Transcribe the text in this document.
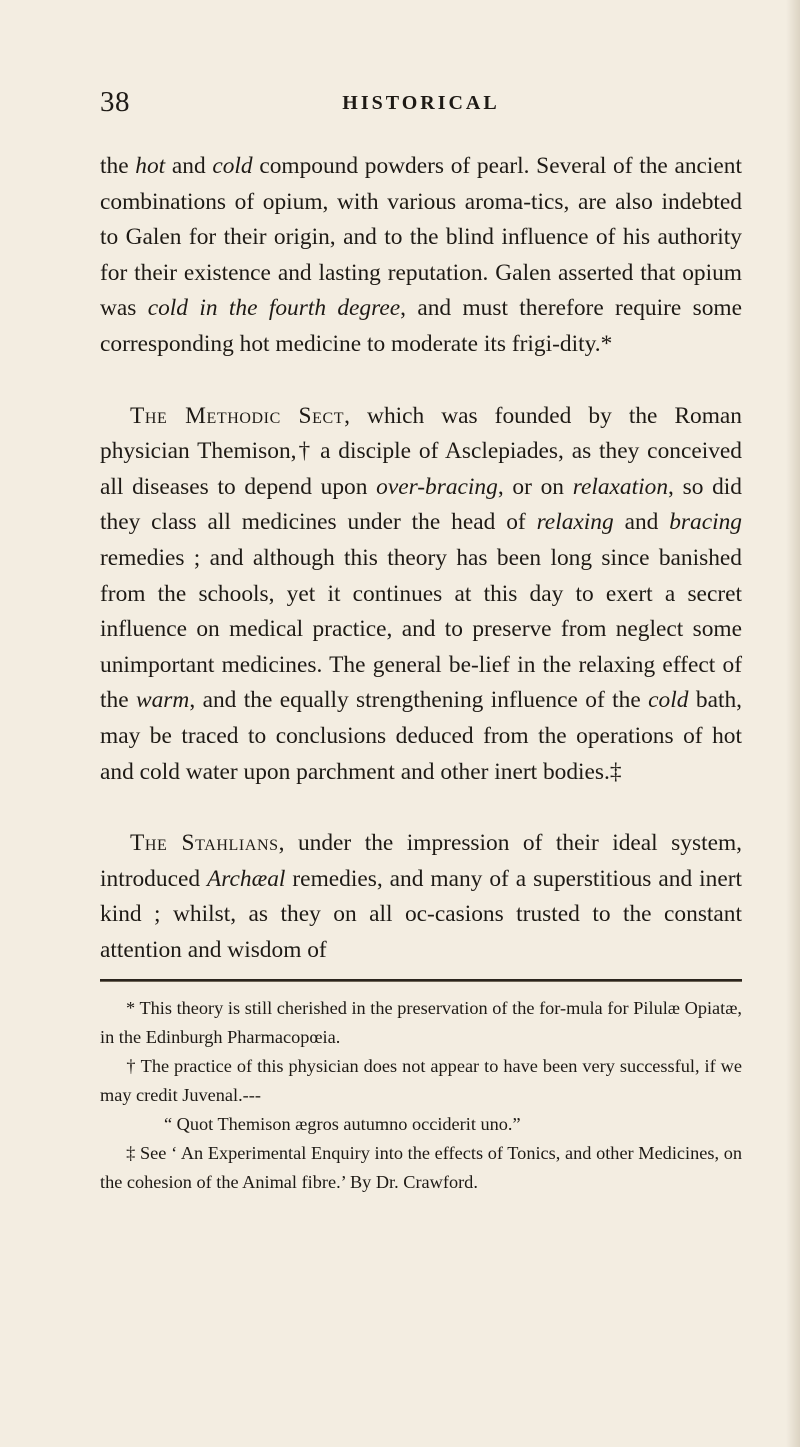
38	HISTORICAL

the hot and cold compound powders of pearl. Several of the ancient combinations of opium, with various aroma-tics, are also indebted to Galen for their origin, and to the blind influence of his authority for their existence and lasting reputation. Galen asserted that opium was cold in the fourth degree, and must therefore require some corresponding hot medicine to moderate its frigi-dity.*

The Methodic Sect, which was founded by the Roman physician Themison,† a disciple of Asclepiades, as they conceived all diseases to depend upon over-bracing, or on relaxation, so did they class all medicines under the head of relaxing and bracing remedies ; and although this theory has been long since banished from the schools, yet it continues at this day to exert a secret influence on medical practice, and to preserve from neglect some unimportant medicines. The general be-lief in the relaxing effect of the warm, and the equally strengthening influence of the cold bath, may be traced to conclusions deduced from the operations of hot and cold water upon parchment and other inert bodies.‡

The Stahlians, under the impression of their ideal system, introduced Archæal remedies, and many of a superstitious and inert kind ; whilst, as they on all oc-casions trusted to the constant attention and wisdom of

* This theory is still cherished in the preservation of the for-mula for Pilulæ Opiatæ, in the Edinburgh Pharmacopœia.

† The practice of this physician does not appear to have been very successful, if we may credit Juvenal.---
“ Quot Themison ægros autumno occiderit uno.”

‡ See ‘ An Experimental Enquiry into the effects of Tonics, and other Medicines, on the cohesion of the Animal fibre.’ By Dr. Crawford.
